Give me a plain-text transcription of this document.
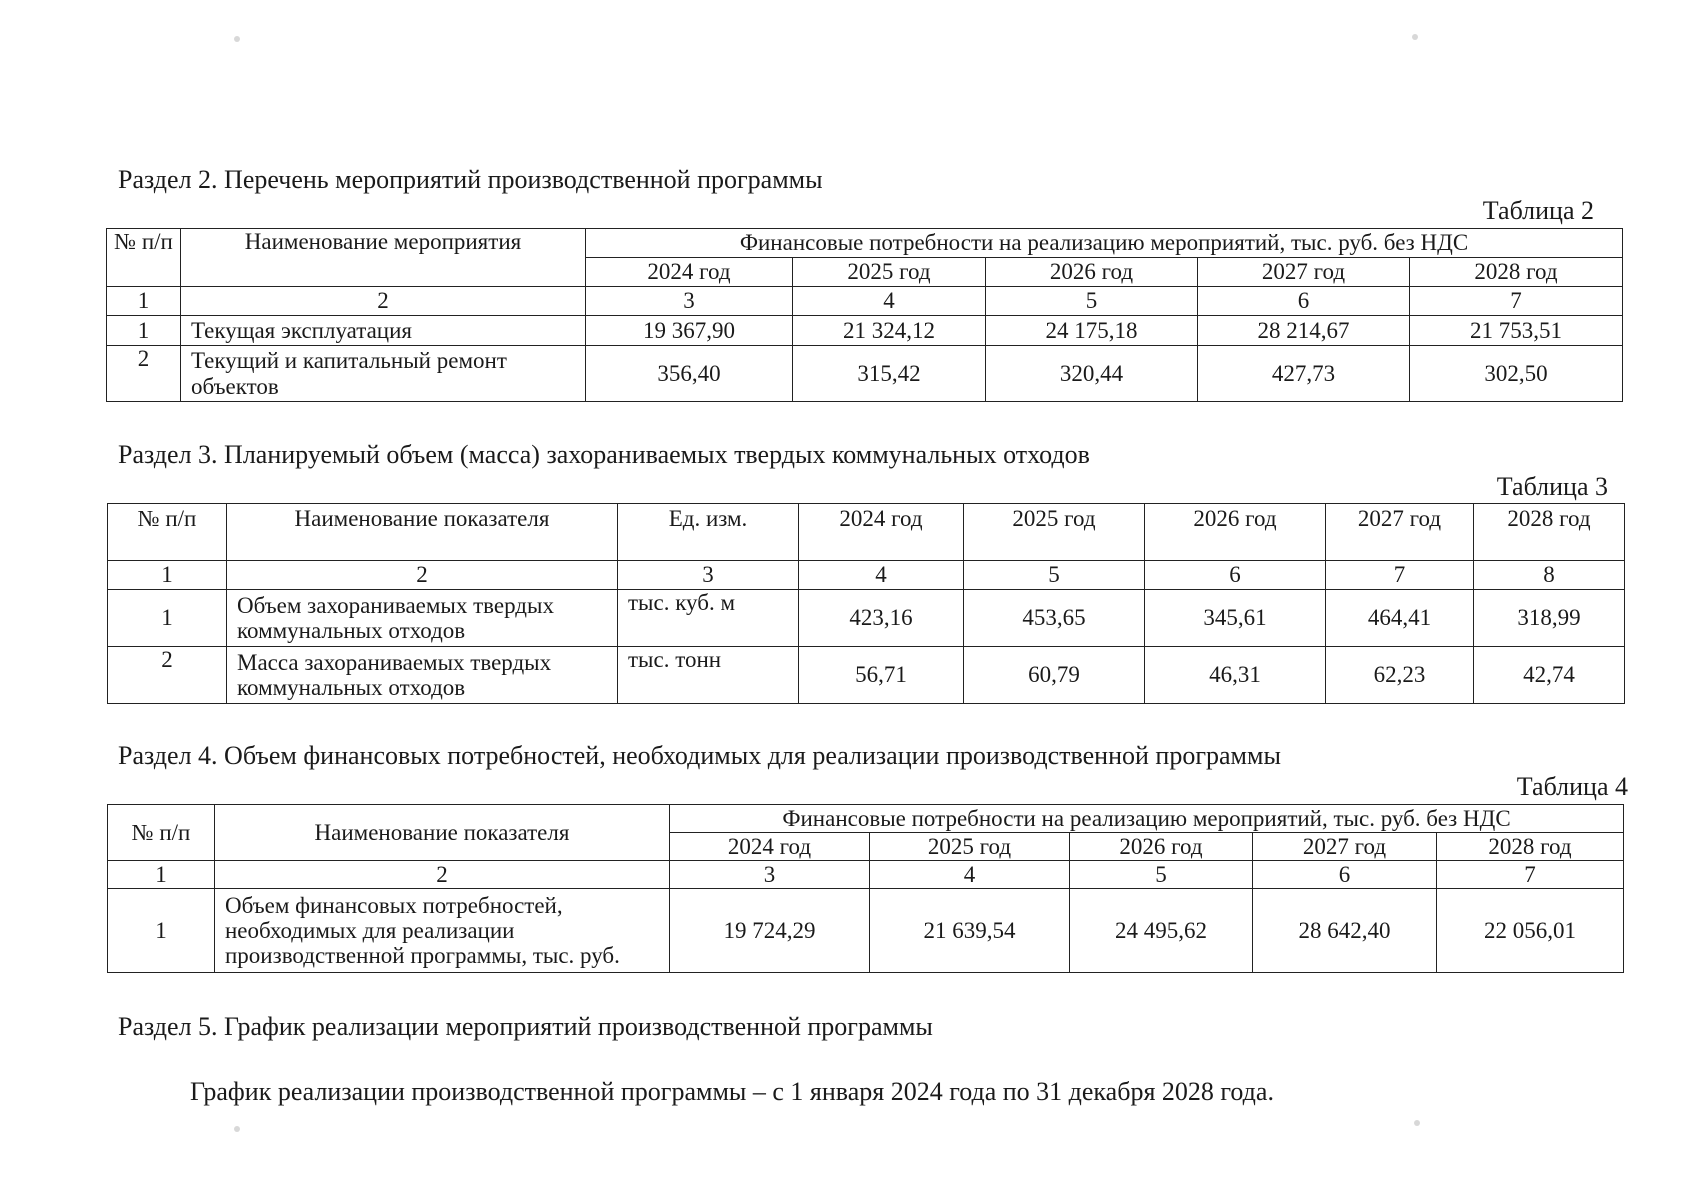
Раздел 2. Перечень мероприятий производственной программы
Таблица 2
№ п/п	Наименование мероприятия	Финансовые потребности на реализацию мероприятий, тыс. руб. без НДС				
		2024 год	2025 год	2026 год	2027 год	2028 год
1	2	3	4	5	6	7
1	Текущая эксплуатация	19 367,90	21 324,12	24 175,18	28 214,67	21 753,51
2	Текущий и капитальный ремонт объектов	356,40	315,42	320,44	427,73	302,50
Раздел 3. Планируемый объем (масса) захораниваемых твердых коммунальных отходов
Таблица 3
№ п/п	Наименование показателя	Ед. изм.	2024 год	2025 год	2026 год	2027 год	2028 год
1	2	3	4	5	6	7	8
1	Объем захораниваемых твердых коммунальных отходов	тыс. куб. м	423,16	453,65	345,61	464,41	318,99
2	Масса захораниваемых твердых коммунальных отходов	тыс. тонн	56,71	60,79	46,31	62,23	42,74
Раздел 4. Объем финансовых потребностей, необходимых для реализации производственной программы
Таблица 4
№ п/п	Наименование показателя	Финансовые потребности на реализацию мероприятий, тыс. руб. без НДС				
		2024 год	2025 год	2026 год	2027 год	2028 год
1	2	3	4	5	6	7
1	Объем финансовых потребностей, необходимых для реализации производственной программы, тыс. руб.	19 724,29	21 639,54	24 495,62	28 642,40	22 056,01
Раздел 5. График реализации мероприятий производственной программы
График реализации производственной программы – с 1 января 2024 года по 31 декабря 2028 года.
